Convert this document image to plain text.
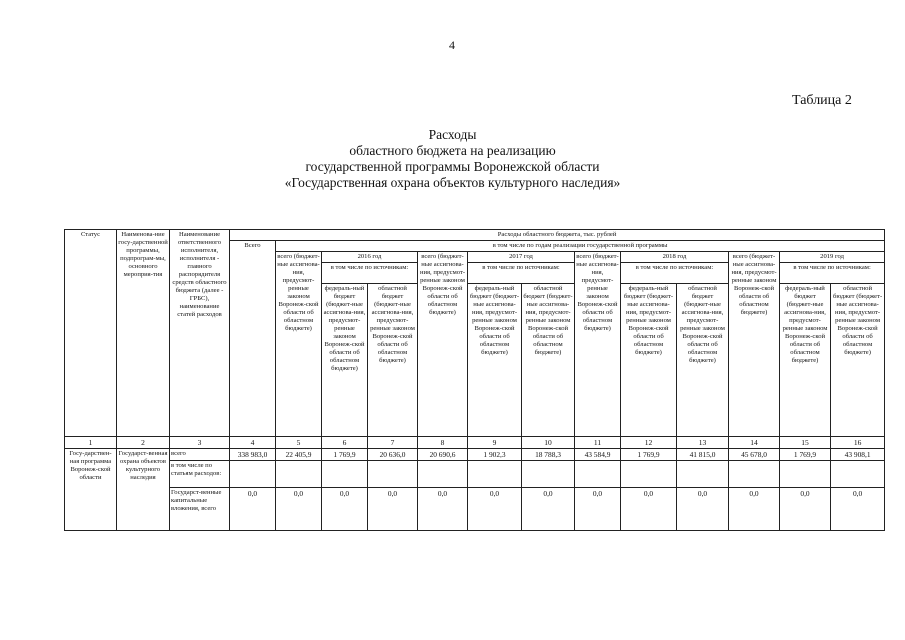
4
Таблица 2
Расходы
областного бюджета на реализацию
государственной программы Воронежской области
«Государственная охрана объектов культурного наследия»
Статус	Наименова-ние госу-дарственной программы, подпрограм-мы, основного мероприя-тия	Наименование ответственного исполнителя, исполнителя - главного распорядителя средств областного бюджета (далее - ГРБС), наименование статей расходов	Расходы областного бюджета, тыс. рублей												
			Всего	в том числе по годам реализации государственной программы											
				всего (бюджет-ные ассигнова-ния, предусмот-ренные законом Воронеж-ской области об областном бюджете)	2016 год		всего (бюджет-ные ассигнова-ния, предусмот-ренные законом Воронеж-ской области об областном бюджете)	2017 год		всего (бюджет-ные ассигнова-ния, предусмот-ренные законом Воронеж-ской области об областном бюджете)	2018 год		всего (бюджет-ные ассигнова-ния, предусмот-ренные законом Воронеж-ской области об областном бюджете)	2019 год	
					в том числе по источникам:			в том числе по источникам:			в том числе по источникам:			в том числе по источникам:	
					федераль-ный бюджет (бюджет-ные ассигнова-ния, предусмот-ренные законом Воронеж-ской области об областном бюджете)	областной бюджет (бюджет-ные ассигнова-ния, предусмот-ренные законом Воронеж-ской области об областном бюджете)		федераль-ный бюджет (бюджет-ные ассигнова-ния, предусмот-ренные законом Воронеж-ской области об областном бюджете)	областной бюджет (бюджет-ные ассигнова-ния, предусмот-ренные законом Воронеж-ской области об областном бюджете)		федераль-ный бюджет (бюджет-ные ассигнова-ния, предусмот-ренные законом Воронеж-ской области об областном бюджете)	областной бюджет (бюджет-ные ассигнова-ния, предусмот-ренные законом Воронеж-ской области об областном бюджете)		федераль-ный бюджет (бюджет-ные ассигнова-ния, предусмот-ренные законом Воронеж-ской области об областном бюджете)	областной бюджет (бюджет-ные ассигнова-ния, предусмот-ренные законом Воронеж-ской области об областном бюджете)
1	2	3	4	5	6	7	8	9	10	11	12	13	14	15	16
Госу-дарствен-ная программа Воронеж-ской области	Государст-венная охрана объектов культурного наследия	всего	338 983,0	22 405,9	1 769,9	20 636,0	20 690,6	1 902,3	18 788,3	43 584,9	1 769,9	41 815,0	45 678,0	1 769,9	43 908,1
		в том числе по статьям расходов:													
		Государст-венные капитальные вложения, всего	0,0	0,0	0,0	0,0	0,0	0,0	0,0	0,0	0,0	0,0	0,0	0,0	0,0
